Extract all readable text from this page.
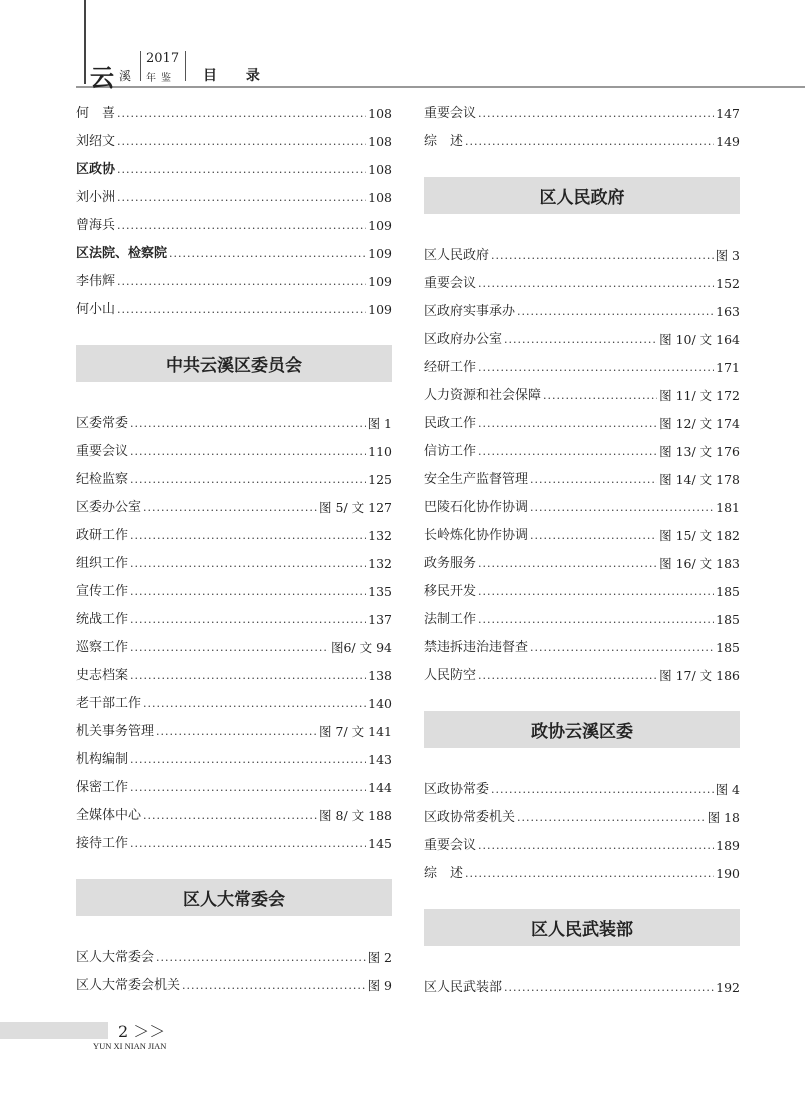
云 溪
2017
年鉴 目 录
何　喜 .....	108
刘绍文 .....	108
区政协 .....	108
刘小洲 .....	108
曾海兵 .....	109
区法院、检察院 .....	109
李伟辉 .....	109
何小山 .....	109
中共云溪区委员会
区委常委 .....	图 1
重要会议 .....	110
纪检监察 .....	125
区委办公室 .....	图 5/ 文 127
政研工作 .....	132
组织工作 .....	132
宣传工作 .....	135
统战工作 .....	137
巡察工作 .....	图6/ 文 94
史志档案 .....	138
老干部工作 .....	140
机关事务管理 .....	图 7/ 文 141
机构编制 .....	143
保密工作 .....	144
全媒体中心 .....	图 8/ 文 188
接待工作 .....	145
区人大常委会
区人大常委会 .....	图 2
区人大常委会机关 .....	图 9
重要会议 .....	147
综　述 .....	149
区人民政府
区人民政府 .....	图 3
重要会议 .....	152
区政府实事承办 .....	163
区政府办公室 .....	图 10/ 文 164
经研工作 .....	171
人力资源和社会保障 .....	图 11/ 文 172
民政工作 .....	图 12/ 文 174
信访工作 .....	图 13/ 文 176
安全生产监督管理 .....	图 14/ 文 178
巴陵石化协作协调 .....	181
长岭炼化协作协调 .....	图 15/ 文 182
政务服务 .....	图 16/ 文 183
移民开发 .....	185
法制工作 .....	185
禁违拆违治违督查 .....	185
人民防空 .....	图 17/ 文 186
政协云溪区委
区政协常委 .....	图 4
区政协常委机关 .....	图 18
重要会议 .....	189
综　述 .....	190
区人民武装部
区人民武装部 .....	192
2 ＞＞
YUN XI NIAN JIAN
